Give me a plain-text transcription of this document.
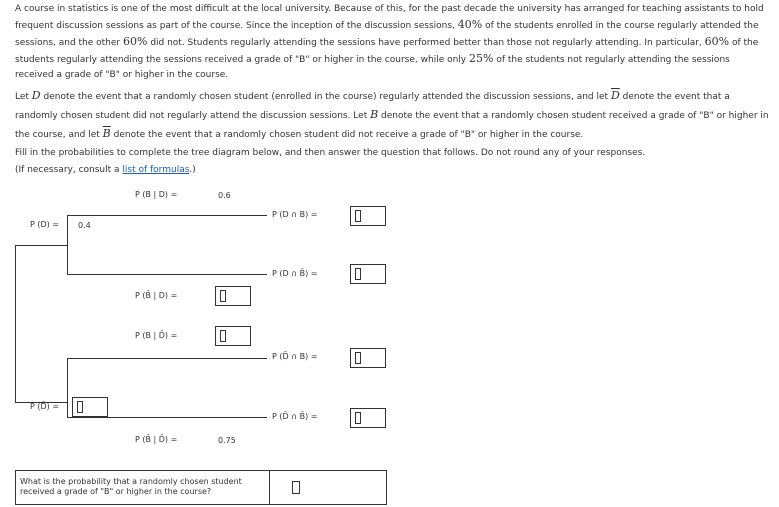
A course in statistics is one of the most difficult at the local university. Because of this, for the past decade the university has arranged for teaching assistants to hold frequent discussion sessions as part of the course. Since the inception of the discussion sessions, 40% of the students enrolled in the course regularly attended the sessions, and the other 60% did not. Students regularly attending the sessions have performed better than those not regularly attending. In particular, 60% of the students regularly attending the sessions received a grade of "B" or higher in the course, while only 25% of the students not regularly attending the sessions received a grade of "B" or higher in the course.
Let D denote the event that a randomly chosen student (enrolled in the course) regularly attended the discussion sessions, and let $\overline{D}$ denote the event that a randomly chosen student did not regularly attend the discussion sessions. Let B denote the event that a randomly chosen student received a grade of "B" or higher in the course, and let $\overline{B}$ denote the event that a randomly chosen student did not receive a grade of "B" or higher in the course.
Fill in the probabilities to complete the tree diagram below, and then answer the question that follows. Do not round any of your responses.
(If necessary, consult a list of formulas.)
P (B | D) =	0.6
P (D) = 0.4
P (D ∩ B) =
P (D ∩ B̄) =
P (B̄ | D) =
P (B | D̄) =
P (D̄ ∩ B) =
P (D̄) =
P (D̄ ∩ B̄) =
P (B̄ | D̄) =	0.75
What is the probability that a randomly chosen student received a grade of "B" or higher in the course?
